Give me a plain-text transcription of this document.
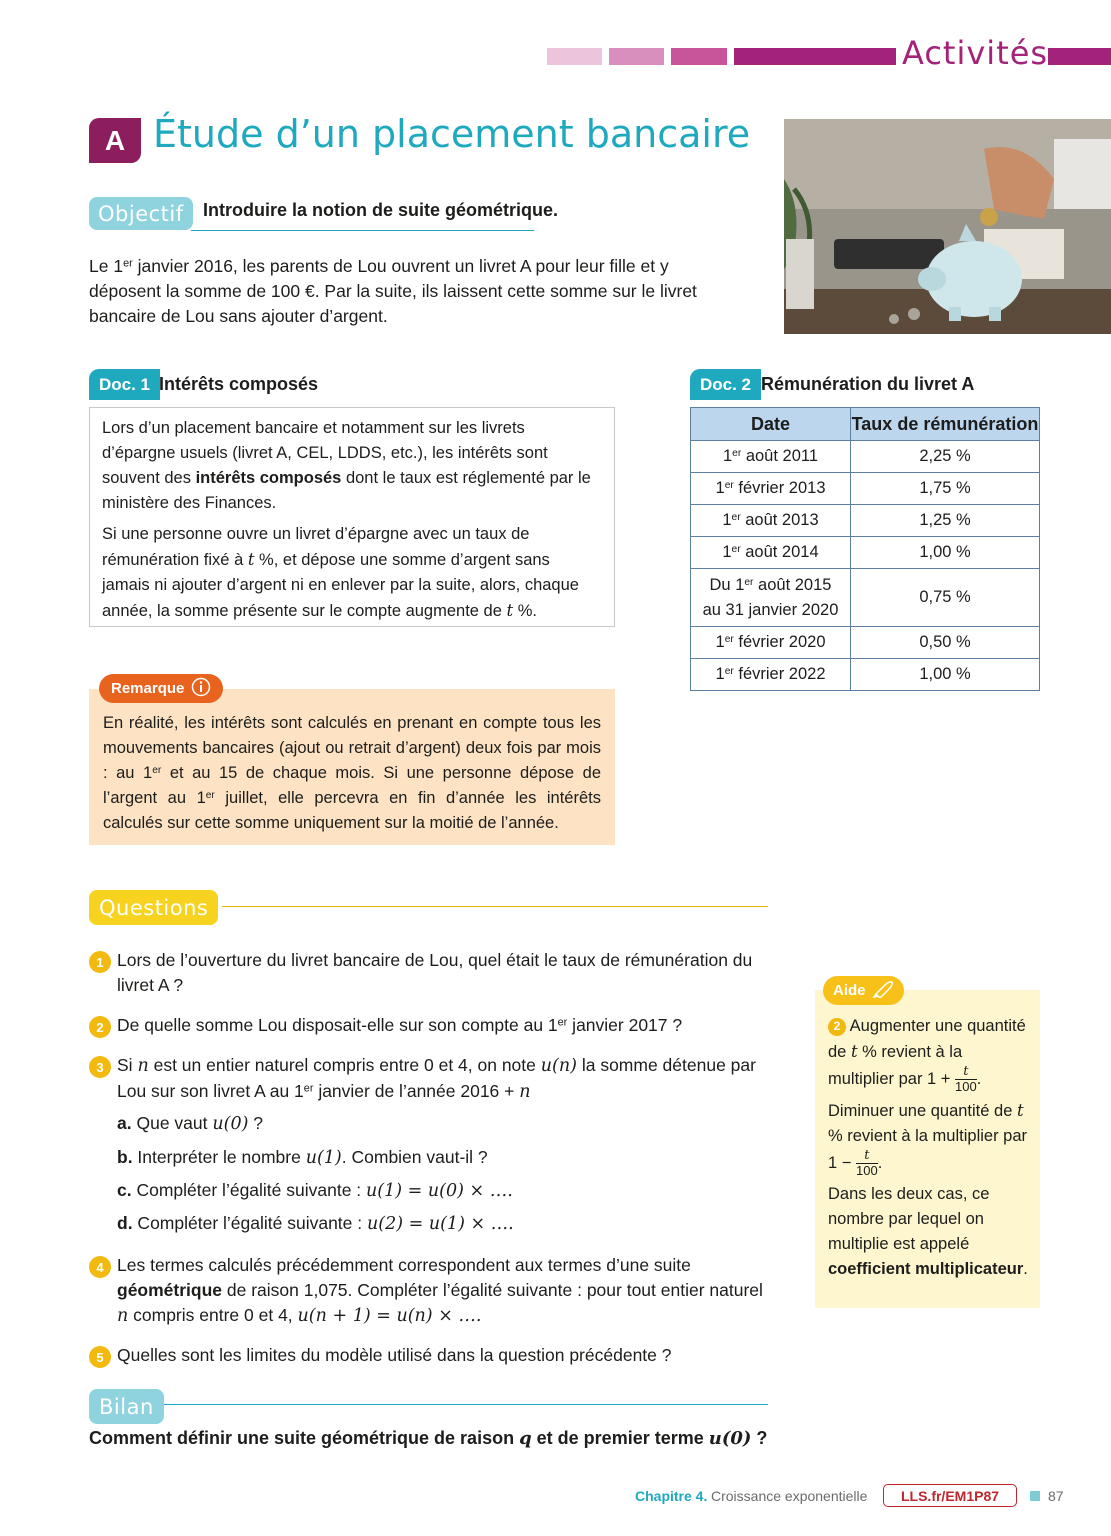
Activités
A Étude d’un placement bancaire
Objectif	Introduire la notion de suite géométrique.
Le 1er janvier 2016, les parents de Lou ouvrent un livret A pour leur fille et y déposent la somme de 100 €. Par la suite, ils laissent cette somme sur le livret bancaire de Lou sans ajouter d’argent.
Doc. 1 Intérêts composés

Lors d’un placement bancaire et notamment sur les livrets d’épargne usuels (livret A, CEL, LDDS, etc.), les intérêts sont souvent des intérêts composés dont le taux est réglementé par le ministère des Finances.

Si une personne ouvre un livret d’épargne avec un taux de rémunération fixé à t %, et dépose une somme d’argent sans jamais ni ajouter d’argent ni en enlever par la suite, alors, chaque année, la somme présente sur le compte augmente de t %.

Doc. 2 Rémunération du livret A
Date	Taux de rémunération
1er août 2011	2,25 %
1er février 2013	1,75 %
1er août 2013	1,25 %
1er août 2014	1,00 %
Du 1er août 2015
au 31 janvier 2020	0,75 %
1er février 2020	0,50 %
1er février 2022	1,00 %
En réalité, les intérêts sont calculés en prenant en compte tous les mouvements bancaires (ajout ou retrait d’argent) deux fois par mois : au 1er et au 15 de chaque mois. Si une personne dépose de l’argent au 1er juillet, elle percevra en fin d’année les intérêts calculés sur cette somme uniquement sur la moitié de l’année.
Remarque
Questions
1 Lors de l’ouverture du livret bancaire de Lou, quel était le taux de rémunération du livret A ?
2 De quelle somme Lou disposait-elle sur son compte au 1er janvier 2017 ?
3 Si n est un entier naturel compris entre 0 et 4, on note u(n) la somme détenue par Lou sur son livret A au 1er janvier de l’année 2016 + n
a. Que vaut u(0) ?
b. Interpréter le nombre u(1). Combien vaut-il ?
c. Compléter l’égalité suivante : u(1) = u(0) × ….
d. Compléter l’égalité suivante : u(2) = u(1) × ….
4 Les termes calculés précédemment correspondent aux termes d’une suite géométrique de raison 1,075. Compléter l’égalité suivante : pour tout entier naturel n compris entre 0 et 4, u(n + 1) = u(n) × ….
5 Quelles sont les limites du modèle utilisé dans la question précédente ?
2 Augmenter une quantité de t % revient à la multiplier par $1 + \frac{t}{100}$ .
Diminuer une quantité de t % revient à la multiplier par $1 - \frac{t}{100}$ .
Dans les deux cas, ce nombre par lequel on multiplie est appelé coefficient multiplicateur.
Aide
Bilan
Comment définir une suite géométrique de raison q et de premier terme u(0) ?
Chapitre 4. Croissance exponentielle	LLS.fr/EM1P87	87
